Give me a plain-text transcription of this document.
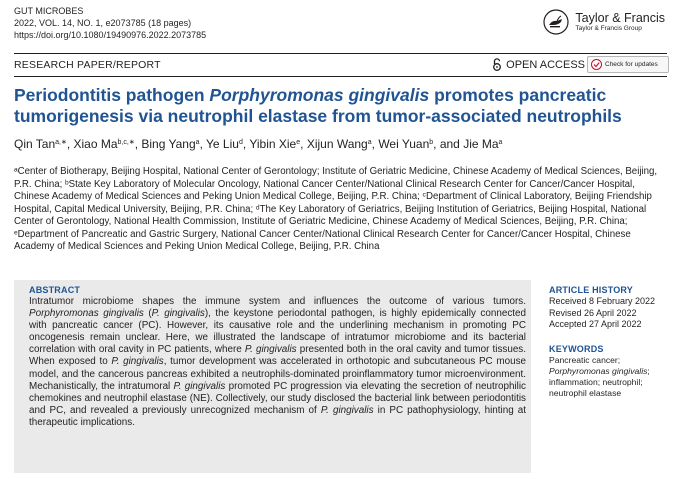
GUT MICROBES
2022, VOL. 14, NO. 1, e2073785 (18 pages)
https://doi.org/10.1080/19490976.2022.2073785
Taylor & Francis
Taylor & Francis Group
RESEARCH PAPER/REPORT	OPEN ACCESS	Check for updates
Periodontitis pathogen Porphyromonas gingivalis promotes pancreatic tumorigenesis via neutrophil elastase from tumor-associated neutrophils
Qin Tan$^{a,∗}$, Xiao $Ma^{b,c,∗}$, Bing Yang$^a$, Ye Liu$^d$, Yibin Xie$^e$, Xijun Wang$^a$, Wei Yuan$^b$, and Jie Ma$^a$

ᵃCenter of Biotherapy, Beijing Hospital, National Center of Gerontology; Institute of Geriatric Medicine, Chinese Academy of Medical Sciences, Beijing, P.R. China; ᵇState Key Laboratory of Molecular Oncology, National Cancer Center/National Clinical Research Center for Cancer/Cancer Hospital, Chinese Academy of Medical Sciences and Peking Union Medical College, Beijing, P.R. China; ᶜDepartment of Clinical Laboratory, Beijing Friendship Hospital, Capital Medical University, Beijing, P.R. China; ᵈThe Key Laboratory of Geriatrics, Beijing Institution of Geriatrics, Beijing Hospital, National Center of Gerontology, National Health Commission, Institute of Geriatric Medicine, Chinese Academy of Medical Sciences, Beijing, P.R. China; ᵉDepartment of Pancreatic and Gastric Surgery, National Cancer Center/National Clinical Research Center for Cancer/Cancer Hospital, Chinese Academy of Medical Sciences and Peking Union Medical College, Beijing, P.R. China

ABSTRACT

Intratumor microbiome shapes the immune system and influences the outcome of various tumors. Porphyromonas gingivalis (P. gingivalis), the keystone periodontal pathogen, is highly epidemically connected with pancreatic cancer (PC). However, its causative role and the underlining mechanism in promoting PC oncogenesis remain unclear. Here, we illustrated the landscape of intratumor microbiome and its bacterial correlation with oral cavity in PC patients, where P. gingivalis presented both in the oral cavity and tumor tissues. When exposed to P. gingivalis, tumor development was accelerated in orthotopic and subcutaneous PC mouse model, and the cancerous pancreas exhibited a neutrophils-dominated proinflammatory tumor microenvironment. Mechanistically, the intratumoral P. gingivalis promoted PC progression via elevating the secretion of neutrophilic chemokines and neutrophil elastase (NE). Collectively, our study disclosed the bacterial link between periodontitis and PC, and revealed a previously unrecognized mechanism of P. gingivalis in PC pathophysiology, hinting at therapeutic implications.

ARTICLE HISTORY
Received 8 February 2022
Revised 26 April 2022
Accepted 27 April 2022
KEYWORDS
Pancreatic cancer;
Porphyromonas gingivalis;
inflammation; neutrophil;
neutrophil elastase
